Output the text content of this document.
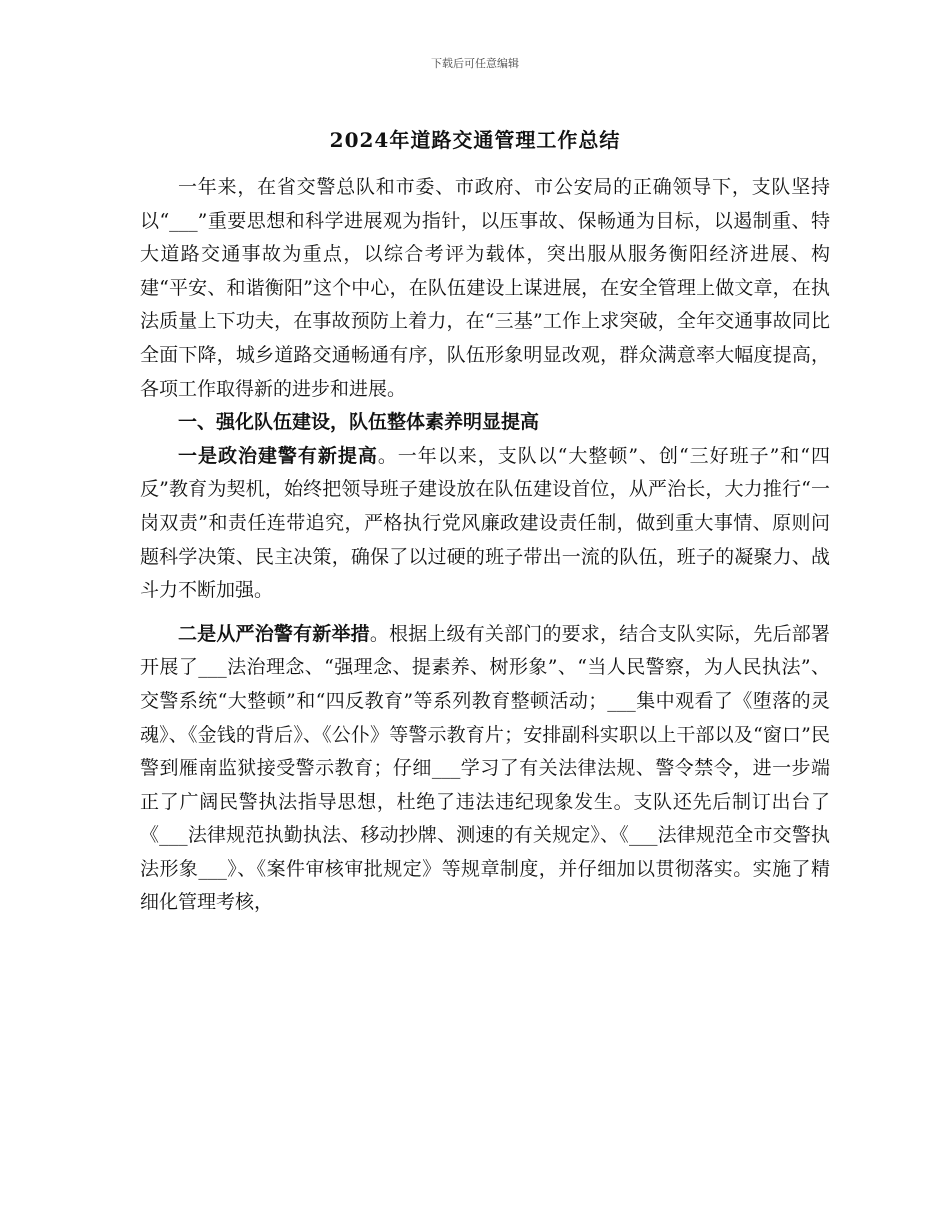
下载后可任意编辑
2024年道路交通管理工作总结

一年来，在省交警总队和市委、市政府、市公安局的正确领导下，支队坚持以“___”重要思想和科学进展观为指针，以压事故、保畅通为目标，以遏制重、特大道路交通事故为重点，以综合考评为载体，突出服从服务衡阳经济进展、构建“平安、和谐衡阳”这个中心，在队伍建设上谋进展，在安全管理上做文章，在执法质量上下功夫，在事故预防上着力，在“三基”工作上求突破，全年交通事故同比全面下降，城乡道路交通畅通有序，队伍形象明显改观，群众满意率大幅度提高，各项工作取得新的进步和进展。

一、强化队伍建设，队伍整体素养明显提高

一是政治建警有新提高。一年以来，支队以“大整顿”、创“三好班子”和“四反”教育为契机，始终把领导班子建设放在队伍建设首位，从严治长，大力推行“一岗双责”和责任连带追究，严格执行党风廉政建设责任制，做到重大事情、原则问题科学决策、民主决策，确保了以过硬的班子带出一流的队伍，班子的凝聚力、战斗力不断加强。

二是从严治警有新举措。根据上级有关部门的要求，结合支队实际，先后部署开展了___法治理念、“强理念、提素养、树形象”、“当人民警察，为人民执法”、交警系统“大整顿”和“四反教育”等系列教育整顿活动；___集中观看了《堕落的灵魂》、《金钱的背后》、《公仆》等警示教育片；安排副科实职以上干部以及“窗口”民警到雁南监狱接受警示教育；仔细___学习了有关法律法规、警令禁令，进一步端正了广阔民警执法指导思想，杜绝了违法违纪现象发生。支队还先后制订出台了《___法律规范执勤执法、移动抄牌、测速的有关规定》、《___法律规范全市交警执法形象___》、《案件审核审批规定》等规章制度，并仔细加以贯彻落实。实施了精细化管理考核，
